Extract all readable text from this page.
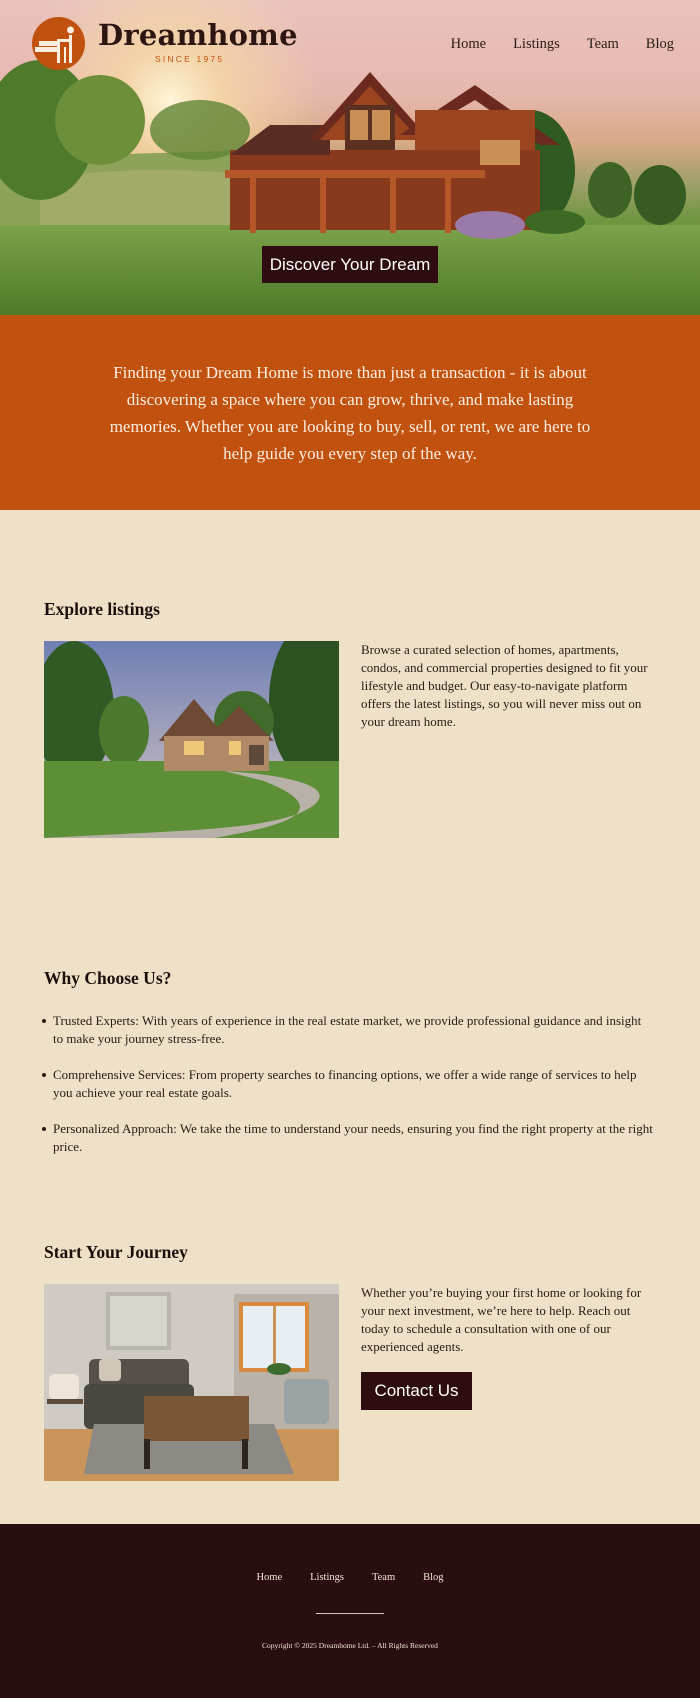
Dreamhome
SINCE 1975
Home Listings Team Blog
Discover Your Dream

Finding your Dream Home is more than just a transaction - it is about discovering a space where you can grow, thrive, and make lasting memories. Whether you are looking to buy, sell, or rent, we are here to help guide you every step of the way.

Explore listings

Browse a curated selection of homes, apartments, condos, and commercial properties designed to fit your lifestyle and budget. Our easy-to-navigate platform offers the latest listings, so you will never miss out on your dream home.

Why Choose Us?
Trusted Experts: With years of experience in the real estate market, we provide professional guidance and insight to make your journey stress-free.
Comprehensive Services: From property searches to financing options, we offer a wide range of services to help you achieve your real estate goals.
Personalized Approach: We take the time to understand your needs, ensuring you find the right property at the right price.
Start Your Journey

Whether you’re buying your first home or looking for your next investment, we’re here to help. Reach out today to schedule a consultation with one of our experienced agents.

Contact Us
Home	Listings	Team	Blog
Copyright © 2025 Dreamhome Ltd. – All Rights Reserved
